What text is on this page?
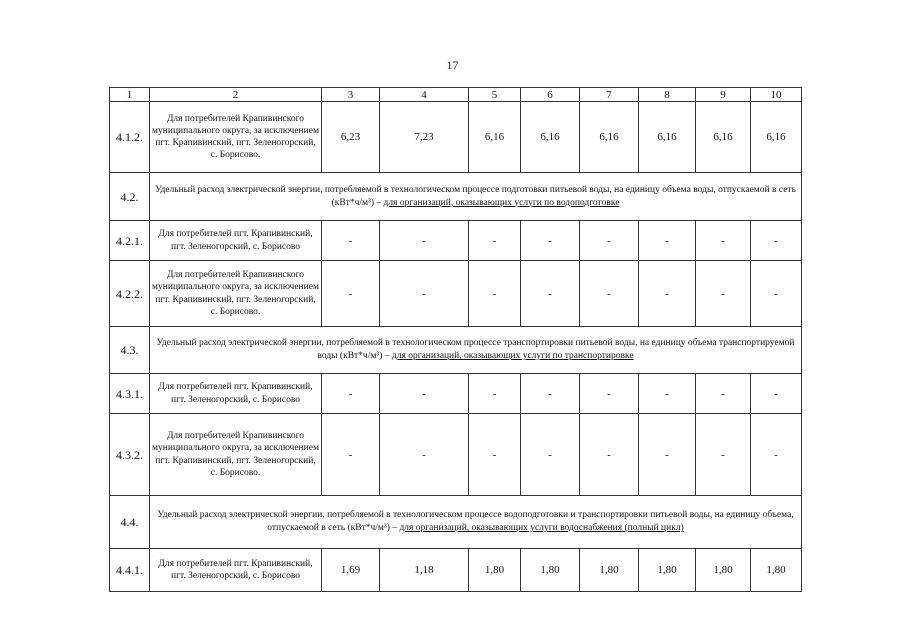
17
1	2	3	4	5	6	7	8	9	10
4.1.2.	Для потребителей Крапивинского муниципального округа, за исключением пгт. Крапивинский, пгт. Зеленогорский, с. Борисово.	6,23	7,23	6,16	6,16	6,16	6,16	6,16	6,16
4.2.	Удельный расход электрической энергии, потребляемой в технологическом процессе подготовки питьевой воды, на единицу объема воды, отпускаемой в сеть (кВт*ч/м³) – для организаций, оказывающих услуги по водоподготовке								
4.2.1.	Для потребителей пгт. Крапивинский, пгт. Зеленогорский, с. Борисово	-	-	-	-	-	-	-	-
4.2.2.	Для потребителей Крапивинского муниципального округа, за исключением пгт. Крапивинский, пгт. Зеленогорский, с. Борисово.	-	-	-	-	-	-	-	-
4.3.	Удельный расход электрической энергии, потребляемой в технологическом процессе транспортировки питьевой воды, на единицу объема транспортируемой воды (кВт*ч/м³) – для организаций, оказывающих услуги по транспортировке								
4.3.1.	Для потребителей пгт. Крапивинский, пгт. Зеленогорский, с. Борисово	-	-	-	-	-	-	-	-
4.3.2.	Для потребителей Крапивинского муниципального округа, за исключением пгт. Крапивинский, пгт. Зеленогорский, с. Борисово.	-	-	-	-	-	-	-	-
4.4.	Удельный расход электрической энергии, потребляемой в технологическом процессе водоподготовки и транспортировки питьевой воды, на единицу объема, отпускаемой в сеть (кВт*ч/м³) – для организаций, оказывающих услуги водоснабжения (полный цикл)								
4.4.1.	Для потребителей пгт. Крапивинский, пгт. Зеленогорский, с. Борисово	1,69	1,18	1,80	1,80	1,80	1,80	1,80	1,80
